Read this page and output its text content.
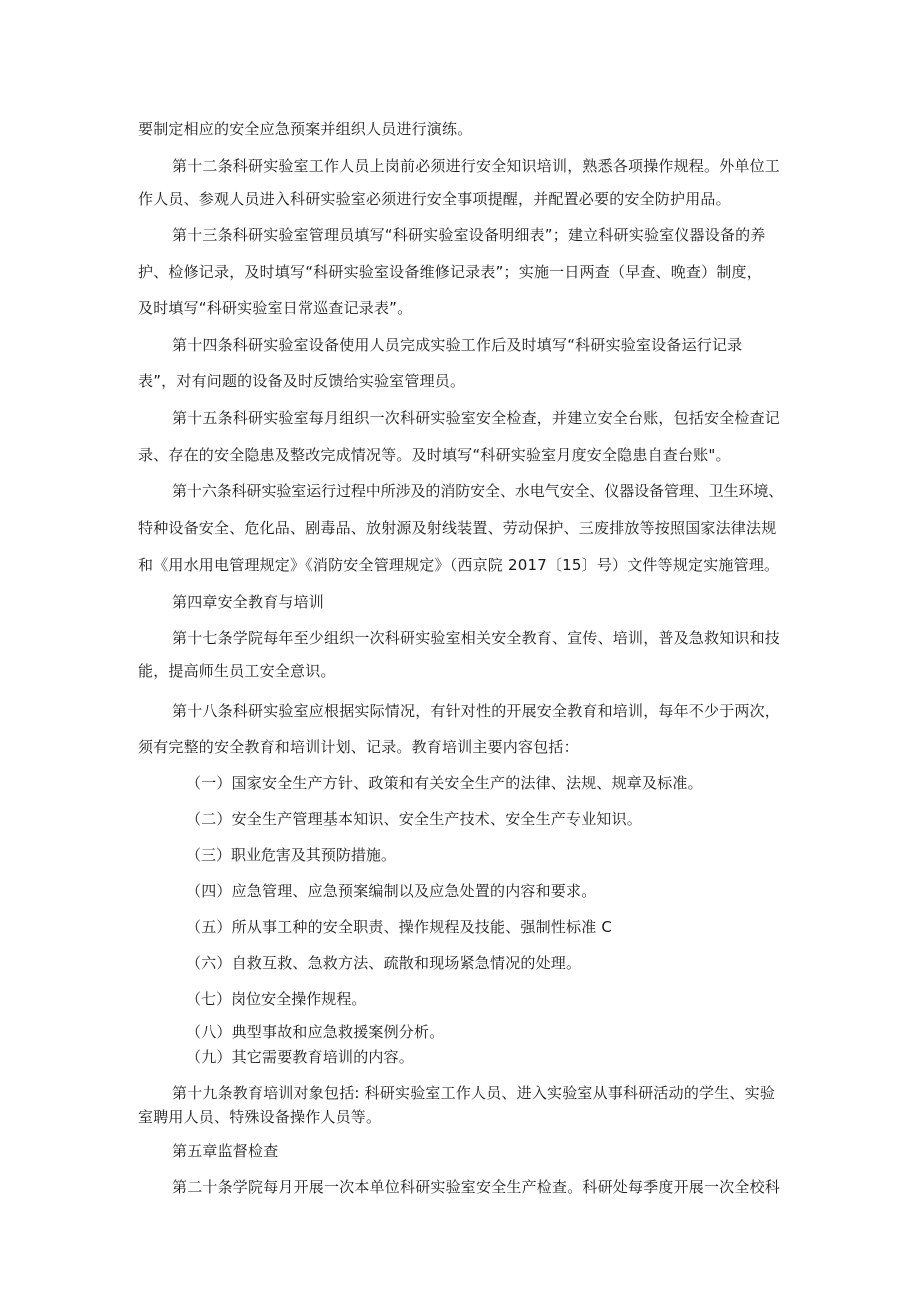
要制定相应的安全应急预案并组织人员进行演练。
第十二条科研实验室工作人员上岗前必须进行安全知识培训，熟悉各项操作规程。外单位工
作人员、参观人员进入科研实验室必须进行安全事项提醒，并配置必要的安全防护用品。
第十三条科研实验室管理员填写“科研实验室设备明细表”；建立科研实验室仪器设备的养
护、检修记录，及时填写“科研实验室设备维修记录表”；实施一日两查（早查、晚查）制度，
及时填写“科研实验室日常巡查记录表”。
第十四条科研实验室设备使用人员完成实验工作后及时填写“科研实验室设备运行记录
表”，对有问题的设备及时反馈给实验室管理员。
第十五条科研实验室每月组织一次科研实验室安全检查，并建立安全台账，包括安全检查记
录、存在的安全隐患及整改完成情况等。及时填写“科研实验室月度安全隐患自查台账"。
第十六条科研实验室运行过程中所涉及的消防安全、水电气安全、仪器设备管理、卫生环境、
特种设备安全、危化品、剧毒品、放射源及射线装置、劳动保护、三废排放等按照国家法律法规
和《用水用电管理规定》《消防安全管理规定》（西京院 2017〔15〕号）文件等规定实施管理。
第四章安全教育与培训
第十七条学院每年至少组织一次科研实验室相关安全教育、宣传、培训，普及急救知识和技
能，提高师生员工安全意识。
第十八条科研实验室应根据实际情况，有针对性的开展安全教育和培训，每年不少于两次，
须有完整的安全教育和培训计划、记录。教育培训主要内容包括：
（一）国家安全生产方针、政策和有关安全生产的法律、法规、规章及标准。
（二）安全生产管理基本知识、安全生产技术、安全生产专业知识。
（三）职业危害及其预防措施。
（四）应急管理、应急预案编制以及应急处置的内容和要求。
（五）所从事工种的安全职责、操作规程及技能、强制性标准 C
（六）自救互救、急救方法、疏散和现场紧急情况的处理。
（七）岗位安全操作规程。
（八）典型事故和应急救援案例分析。
（九）其它需要教育培训的内容。
第十九条教育培训对象包括: 科研实验室工作人员、进入实验室从事科研活动的学生、实验
室聘用人员、特殊设备操作人员等。
第五章监督检查
第二十条学院每月开展一次本单位科研实验室安全生产检查。科研处每季度开展一次全校科
